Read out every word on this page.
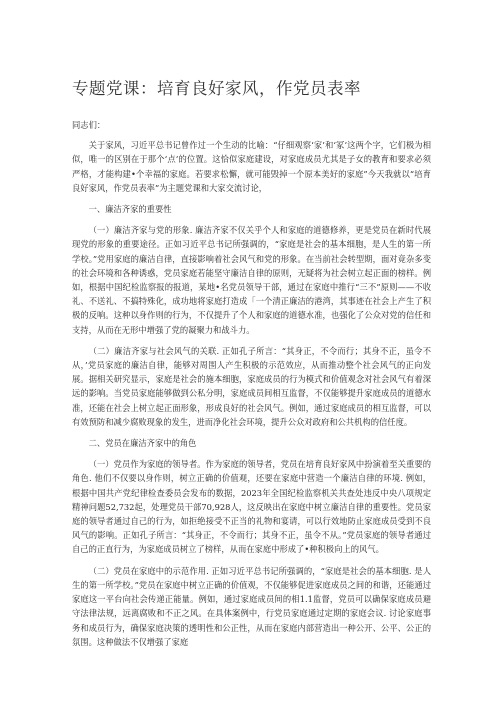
专题党课：培育良好家风，作党员表率

同志们：

关于家风，习近平总书记曾作过一个生动的比喻：“仔细观察‘家’和‘冢’这两个字，它们极为相似，唯一的区别在于那个‘点’的位置。这恰似家庭建设，对家庭成员尤其是子女的教育和要求必须严格，才能构建•个幸福的家庭。若要求松懈，就可能毁掉一个原本美好的家庭”今天我就以“培育良好家风，作党员表率”为主题党课和大家交流讨论，

一、廉洁齐家的重要性

（一）廉洁齐家与党的形象. 廉洁齐家不仅关乎个人和家庭的道德修养，更是党员在新时代展现党的形象的重要途径。正如习近平总书记所强调的，“家庭是社会的基本细胞，是人生的第一所学校。”党用家庭的廉洁自律，直接影响着社会风气和党的形象。在当前社会转型期，面对竟杂多变的社会环境和各种诱惑，党员家庭若能坚守廉洁自律的原则，无疑将为社会树立起正面的榜样。例如，根据中国纪检监察报的报道，某地•名党员领导干部，通过在家庭中推行“三不”原则——不收礼、不送礼、不搞特殊化，成功地将家庭打造成「一个清正廉洁的港湾，其事迹在社会上产生了积极的反响。这种以身作则的行为，不仅提升了个人和家庭的道德水准，也强化了公众对党的信任和支持，从而在无形中增强了党的凝聚力和战斗力。

（二）廉洁齐家与社会风气的关联. 正如孔子所言：“其身正，不令而行；其身不正，虽令不从，’党员家庭的廉洁自律，能够对周围人产生积极的示范效应，从而推动整个社会风气的正向发展。据相关研究显示，家庭是社会的施本细胞，家庭成员的行为模式和价值观念对社会风气有着深远的影响。当党员家庭能够做到公私分明，家庭成员间相互监督，不仅能够提升家庭成员的道德水准，还能在社会上树立起正面形象，形成良好的社会风气。例如，通过家庭成员的相互监督，可以有效预防和减少腐败现象的发生，进而净化社会环境，提升公众对政府和公共机构的信任度。

二、党员在廉洁齐家中的角色

（一）党员作为家庭的领导者。作为家庭的领导者，党员在培育良好家风中扮演着至关重要的角色. 他们不仅要以身作则，树立正确的价值观，还要在家庭中营造一个廉洁自律的环境. 例如，根据中国共产党纪律检查委员会发布的数据，2023年全国纪检监察机关共查处违反中央八项规定精神问题52,732起，处理党员干部70,928人，这反映出在家庭中树立廉洁自律的重要性。党员家庭的领导者通过自己的行为，如拒绝接受不正当的礼物和宴请，可以行效地防止家庭成员受到不良风气的影响。正如孔子所言：“其身正，不令而行；其身不正，虽令不从。”党员家庭的领导者通过自己的正直行为，为家庭成员树立了榜样，从而在家庭中形成了•种积极向上的风气。

（二）党员在家庭中的示范作用. 正如习近平总书记所强调的，“家庭是社会的基本细胞. 是人生的第一所学校。”党员在家庭中树立正确的价值观，不仅能够促进家庭成员之间的和谐，还能通过家庭这一平台向社会传递正能量。例如，通过家庭成员间的相1.1监督，党员可以确保家庭成员避守法律法规，远离腐败和不正之风。在具体案例中，行党员家庭通过定期的家庭会议. 讨论家庭事务和成员行为，确保家庭决策的透明性和公正性，从而在家庭内部营造出一种公开、公平、公正的氛围。这种做法不仅增强了家庭
